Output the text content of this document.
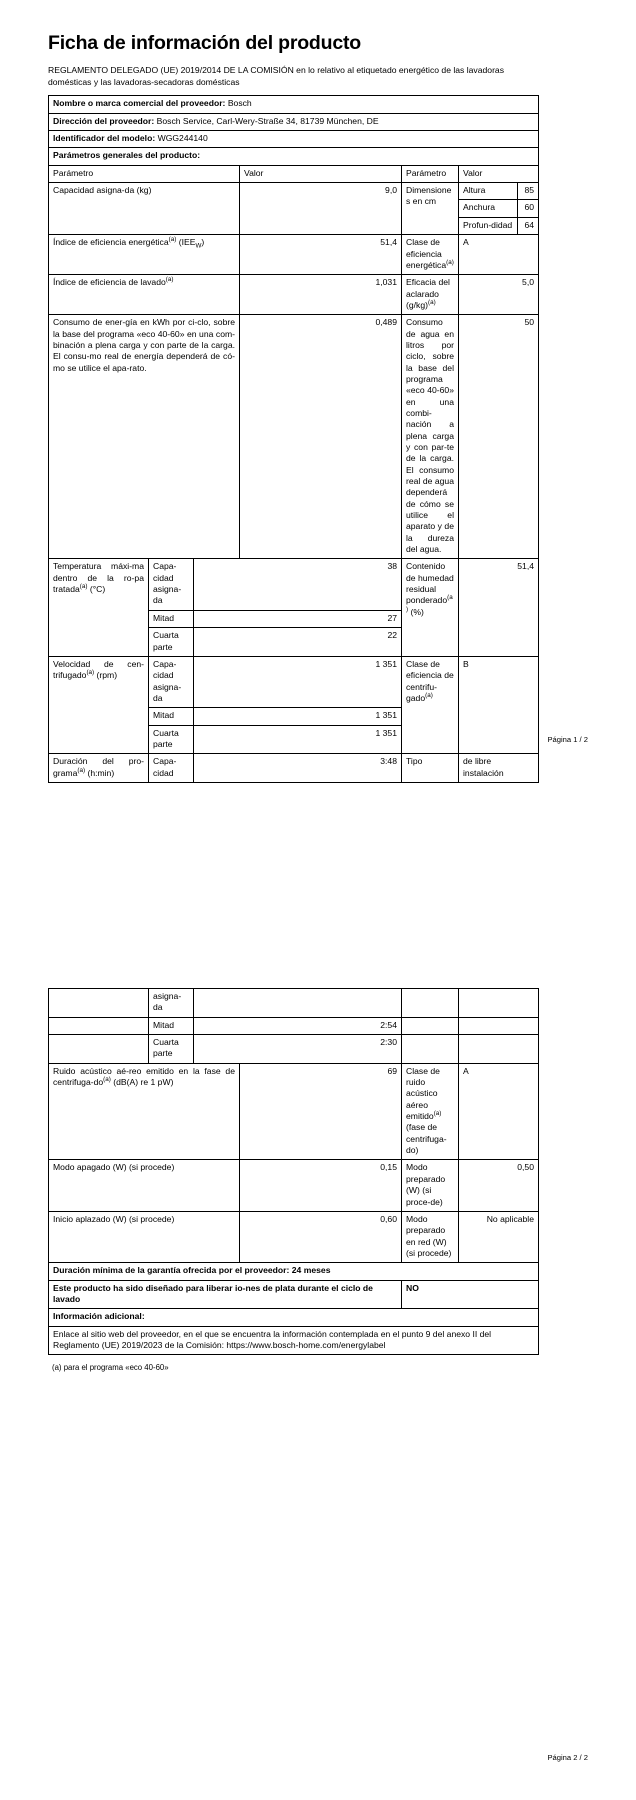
Ficha de información del producto

REGLAMENTO DELEGADO (UE) 2019/2014 DE LA COMISIÓN en lo relativo al etiquetado energético de las lavadoras domésticas y las lavadoras-secadoras domésticas

Nombre o marca comercial del proveedor: Bosch
Dirección del proveedor: Bosch Service, Carl-Wery-Straße 34, 81739 München, DE
Identificador del modelo: WGG244140
Parámetros generales del producto:
Parámetro	Valor	Parámetro	Valor
Capacidad asigna-da (kg)	9,0	Dimensiones en cm	
Altura	85
Anchura	60
Profun-didad	64

Índice de eficiencia energética$^{(a)}$ $(IEE_W)$	51,4	Clase de eficiencia energética$^{(a)}$	A
Índice de eficiencia de lavado$^{(a)}$	1,031	Eficacia del aclarado $(g/kg)^{(a)}$	5,0
Consumo de ener-gía en kWh por ci-clo, sobre la base del programa «eco 40-60» en una com-binación a plena carga y con parte de la carga. El consu-mo real de energía dependerá de có-mo se utilice el apa-rato.	0,489	Consumo de agua en litros por ciclo, sobre la base del programa «eco 40-60» en una combi-nación a plena carga y con par-te de la carga. El consumo real de agua dependerá de cómo se utilice el aparato y de la dureza del agua.	50
Temperatura máxi-ma dentro de la ro-pa tratada$^{(a)}$ (°C)	Capa-cidad asigna-da	38	Contenido de humedad residual ponderado$^{(a)}$ (%)	51,4
Mitad	27
Cuarta parte	22
Velocidad de cen-trifugado$^{(a)}$ (rpm)	Capa-cidad asigna-da	1 351	Clase de eficiencia de centrifu-gado$^{(a)}$	B
Mitad	1 351
Cuarta parte	1 351
Duración del pro-grama$^{(a)}$ (h:min)	Capa-cidad	3:48	Tipo	de libre instalación
Página 1 / 2
	asigna-da				
	Mitad	2:54			
	Cuarta parte	2:30			
Ruido acústico aé-reo emitido en la fase de centrifuga-$do^{(a)}$ (dB(A) re 1 pW)			69	Clase de ruido acústico aéreo emitido$^{(a)}$ (fase de centrifuga-do)	A
Modo apagado (W) (si procede)			0,15	Modo preparado (W) (si proce-de)	0,50
Inicio aplazado (W) (si procede)			0,60	Modo preparado en red (W) (si procede)	No aplicable
Duración mínima de la garantía ofrecida por el proveedor: 24 meses					
Este producto ha sido diseñado para liberar io-nes de plata durante el ciclo de lavado				NO	
Información adicional:					
Enlace al sitio web del proveedor, en el que se encuentra la información contemplada en el punto 9 del anexo II del Reglamento (UE) 2019/2023 de la Comisión: https://www.bosch-home.com/energylabel					
(a) para el programa «eco 40-60»
Página 2 / 2
